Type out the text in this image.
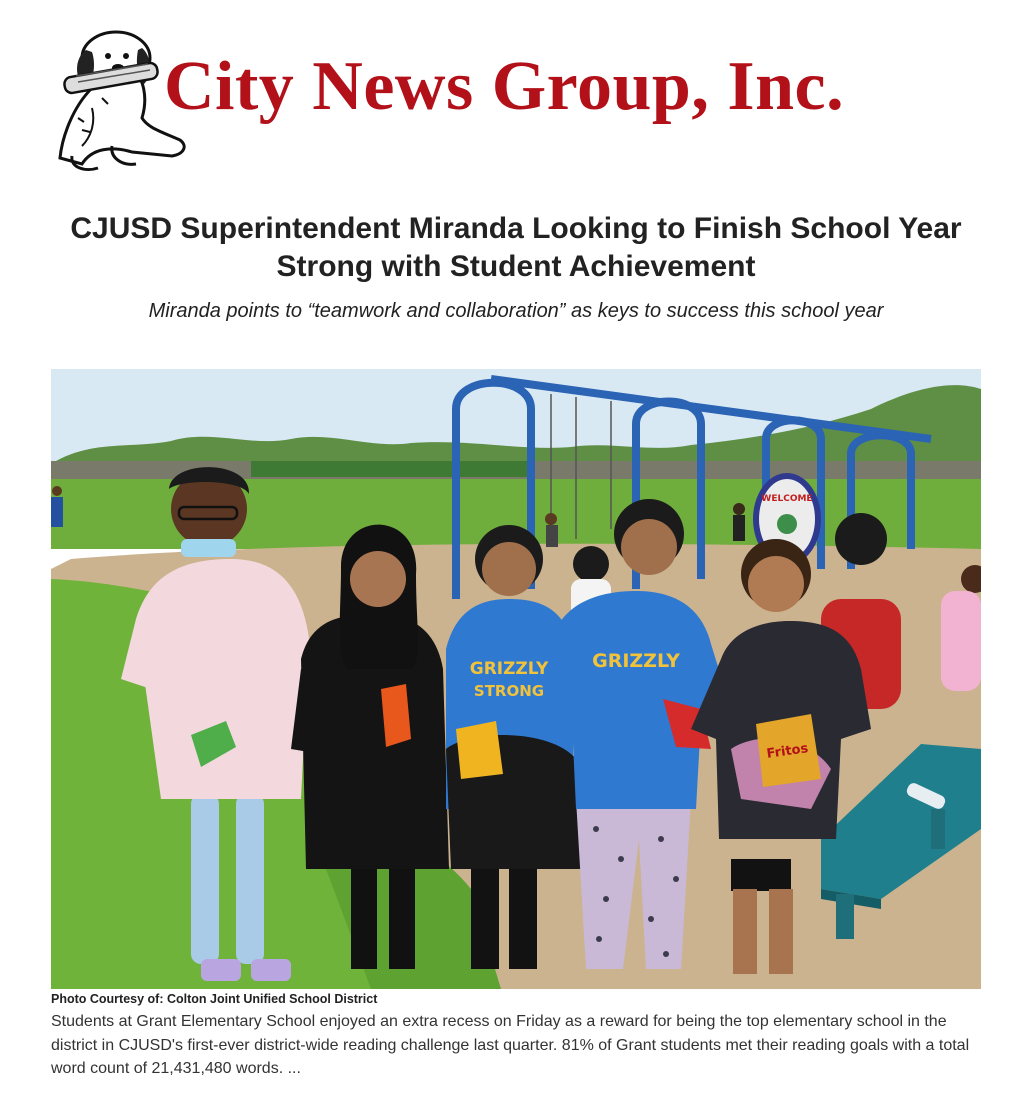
City News Group, Inc.
CJUSD Superintendent Miranda Looking to Finish School Year Strong with Student Achievement

Miranda points to “teamwork and collaboration” as keys to success this school year

WELCOME
GRIZZLY
STRONG
GRIZZLY
Fritos
Photo Courtesy of: Colton Joint Unified School District

Students at Grant Elementary School enjoyed an extra recess on Friday as a reward for being the top elementary school in the district in CJUSD's first-ever district-wide reading challenge last quarter. 81% of Grant students met their reading goals with a total word count of 21,431,480 words. ...
